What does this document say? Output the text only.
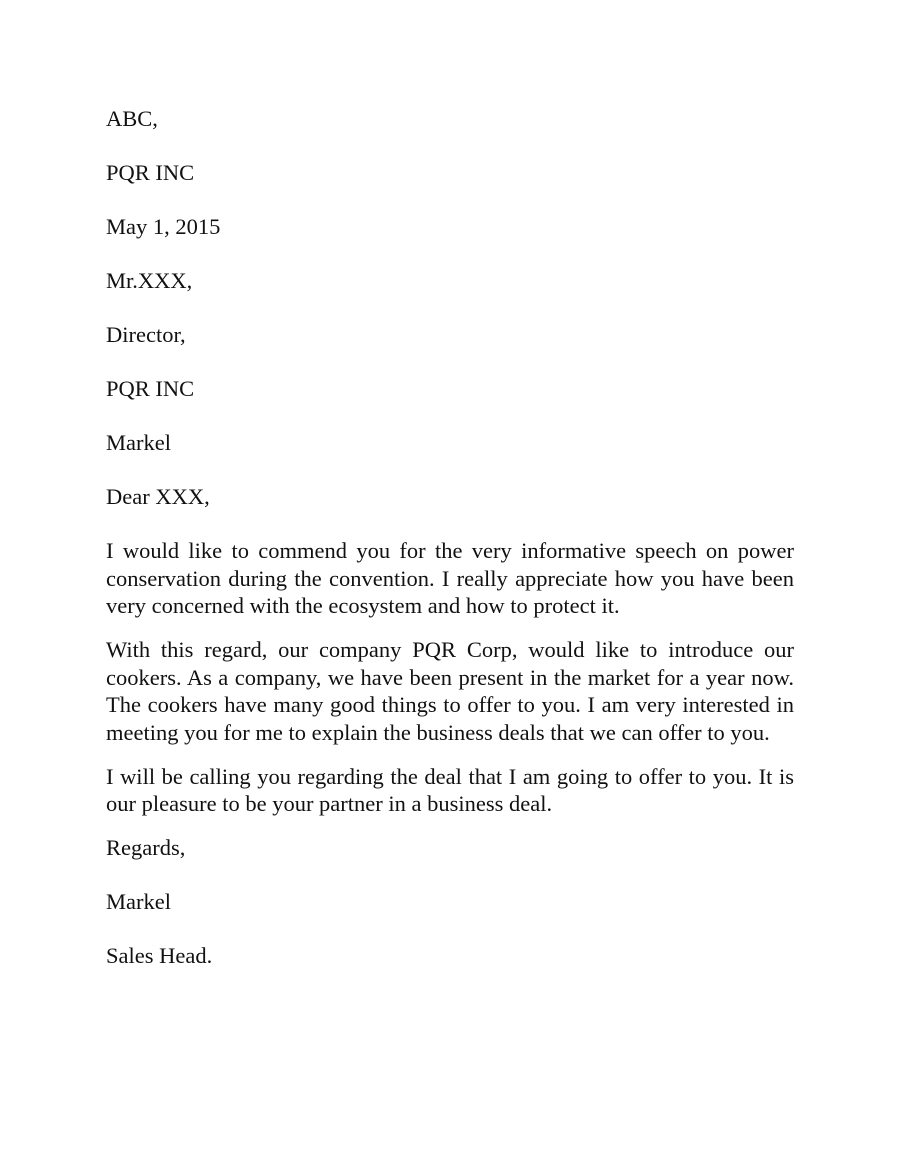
ABC,

PQR INC

May 1, 2015

Mr.XXX,

Director,

PQR INC

Markel

Dear XXX,

I would like to commend you for the very informative speech on power conservation during the convention. I really appreciate how you have been very concerned with the ecosystem and how to protect it.

With this regard, our company PQR Corp, would like to introduce our cookers. As a company, we have been present in the market for a year now. The cookers have many good things to offer to you. I am very interested in meeting you for me to explain the business deals that we can offer to you.

I will be calling you regarding the deal that I am going to offer to you. It is our pleasure to be your partner in a business deal.

Regards,

Markel

Sales Head.
